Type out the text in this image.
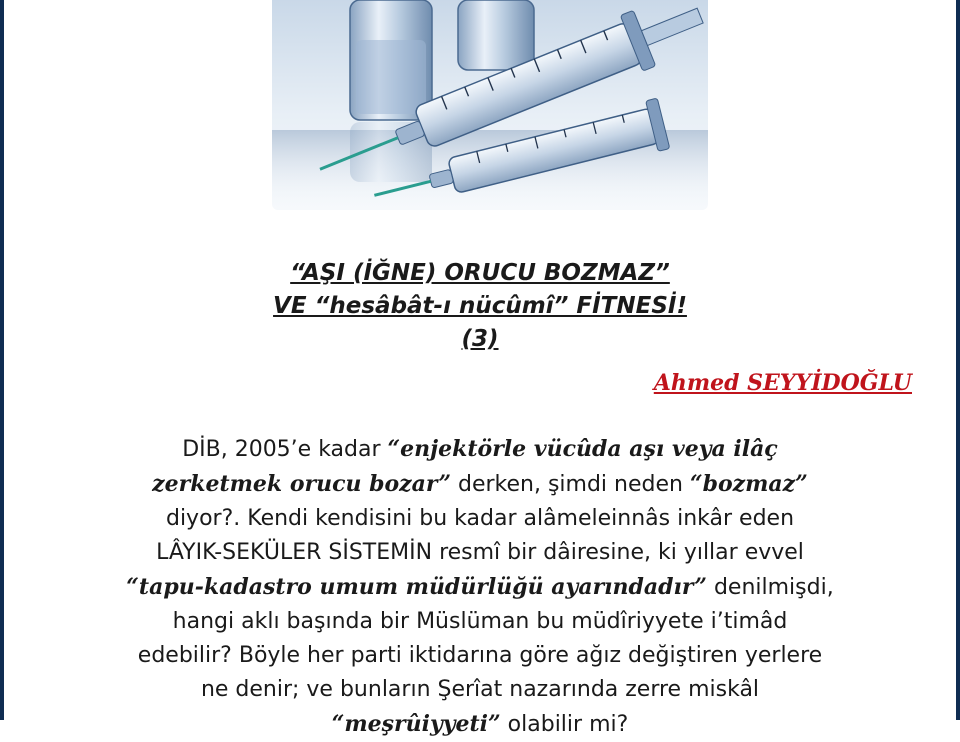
“AŞI (İĞNE) ORUCU BOZMAZ”
VE “hesâbât-ı nücûmî” FİTNESİ!
(3)
Ahmed SEYYİDOĞLU
DİB, 2005’e kadar “enjektörle vücûda aşı veya ilâç
zerketmek orucu bozar” derken, şimdi neden “bozmaz”
diyor?. Kendi kendisini bu kadar alâmeleinnâs inkâr eden
LÂYIK-SEKÜLER SİSTEMİN resmî bir dâiresine, ki yıllar evvel
“tapu-kadastro umum müdürlüğü ayarındadır” denilmişdi,
hangi aklı başında bir Müslüman bu müdîriyyete i’timâd
edebilir? Böyle her parti iktidarına göre ağız değiştiren yerlere
ne denir; ve bunların Şerîat nazarında zerre miskâl
“meşrûiyyeti” olabilir mi?
